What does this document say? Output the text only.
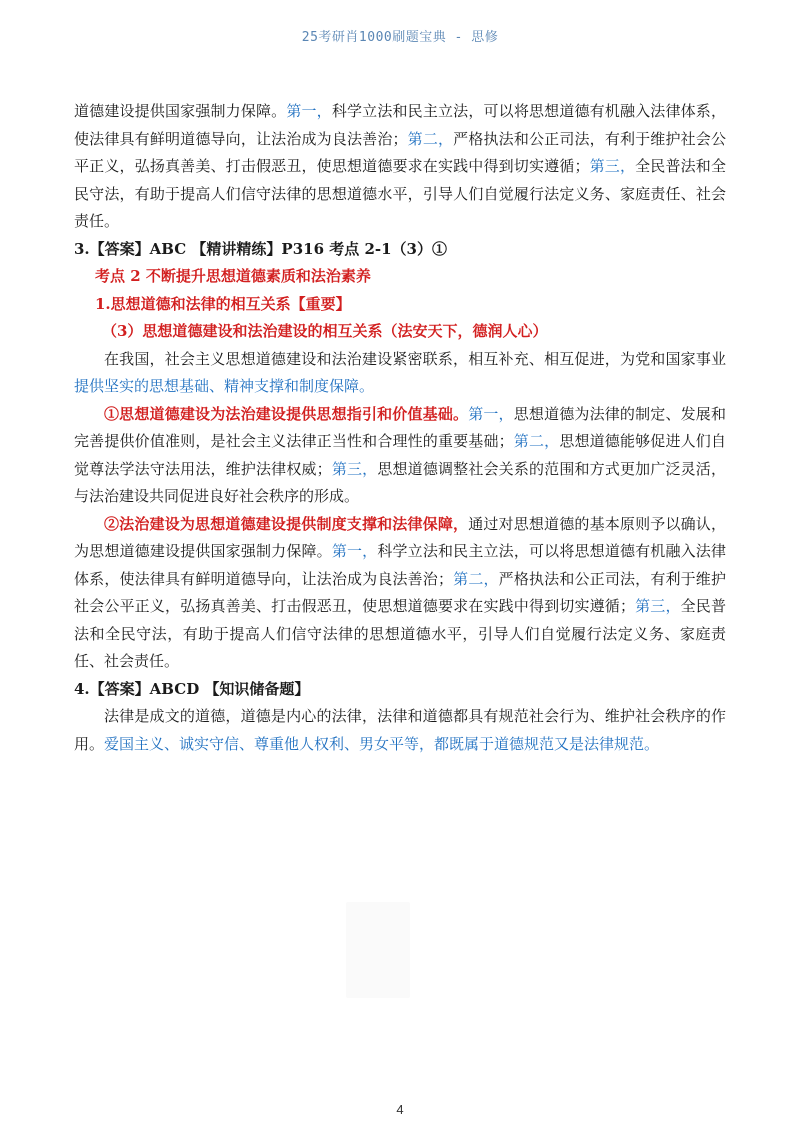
25考研肖1000刷题宝典 - 思修

道德建设提供国家强制力保障。第一，科学立法和民主立法，可以将思想道德有机融入法律体系，使法律具有鲜明道德导向，让法治成为良法善治；第二，严格执法和公正司法，有利于维护社会公平正义，弘扬真善美、打击假恶丑，使思想道德要求在实践中得到切实遵循；第三，全民普法和全民守法，有助于提高人们信守法律的思想道德水平，引导人们自觉履行法定义务、家庭责任、社会责任。

3.【答案】ABC 【精讲精练】P316 考点 2-1（3）①

考点 2 不断提升思想道德素质和法治素养

1.思想道德和法律的相互关系【重要】

（3）思想道德建设和法治建设的相互关系（法安天下，德润人心）

在我国，社会主义思想道德建设和法治建设紧密联系，相互补充、相互促进，为党和国家事业提供坚实的思想基础、精神支撑和制度保障。

①思想道德建设为法治建设提供思想指引和价值基础。第一，思想道德为法律的制定、发展和完善提供价值准则，是社会主义法律正当性和合理性的重要基础；第二，思想道德能够促进人们自觉尊法学法守法用法，维护法律权威；第三，思想道德调整社会关系的范围和方式更加广泛灵活，与法治建设共同促进良好社会秩序的形成。

②法治建设为思想道德建设提供制度支撑和法律保障，通过对思想道德的基本原则予以确认，为思想道德建设提供国家强制力保障。第一，科学立法和民主立法，可以将思想道德有机融入法律体系，使法律具有鲜明道德导向，让法治成为良法善治；第二，严格执法和公正司法，有利于维护社会公平正义，弘扬真善美、打击假恶丑，使思想道德要求在实践中得到切实遵循；第三，全民普法和全民守法，有助于提高人们信守法律的思想道德水平，引导人们自觉履行法定义务、家庭责任、社会责任。

4.【答案】ABCD 【知识储备题】

法律是成文的道德，道德是内心的法律，法律和道德都具有规范社会行为、维护社会秩序的作用。爱国主义、诚实守信、尊重他人权利、男女平等，都既属于道德规范又是法律规范。

4
